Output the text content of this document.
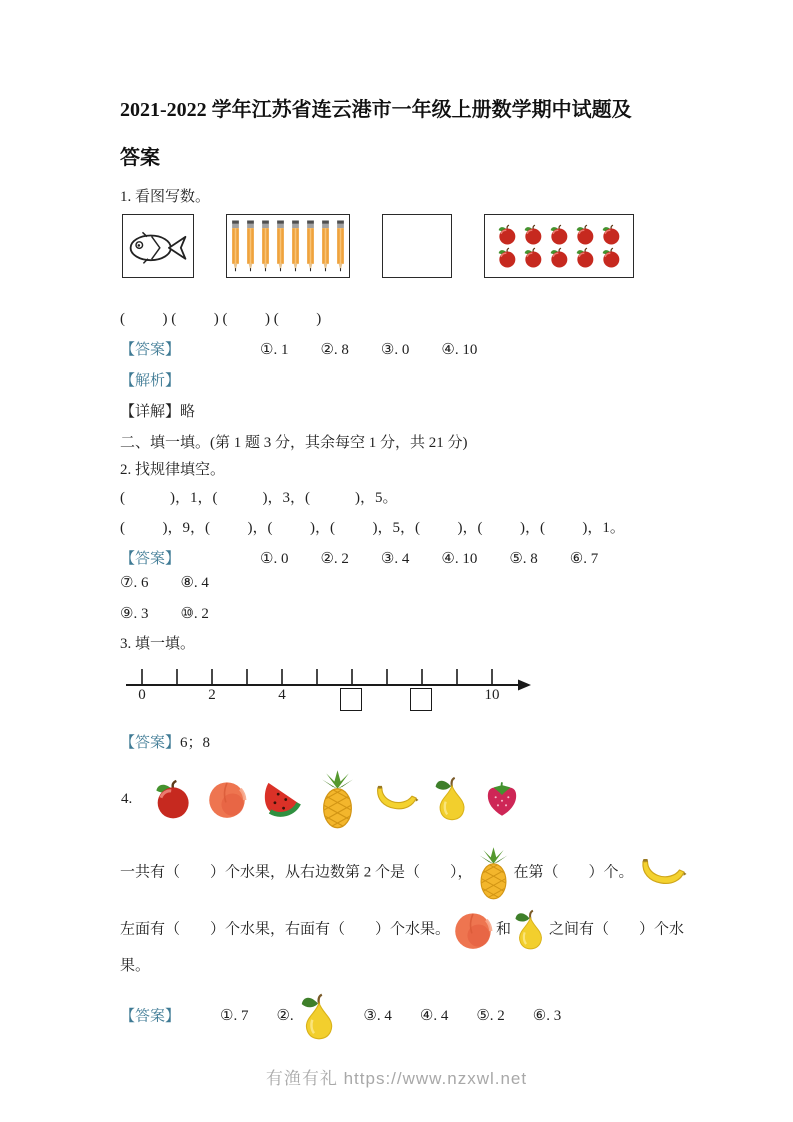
2021-2022 学年江苏省连云港市一年级上册数学期中试题及
答案

1. 看图写数。

(          ) (          ) (          ) (          )

【答案】	①. 1 ②. 8 ③. 0 ④. 10

【解析】

【详解】略

二、填一填。(第 1 题 3 分，其余每空 1 分，共 21 分)

2. 找规律填空。

(            )，1，(            )，3，(            )，5。

(          )，9，(          )，(          )，(          )，5，(          )，(          )，(          )，1。

【答案】	①. 0 ②. 2 ③. 4 ④. 10 ⑤. 8 ⑥. 7⑦. 6 ⑧. 4

⑨. 3 ⑩. 2

3. 填一填。

0	2	4	10

【答案】6；8

4.

一共有（　　）个水果，从右边数第 2 个是（　　），	在第（　　）个。

左面有（　　）个水果，右面有（　　）个水果。	和	之间有（　　）个水果。

【答案】	①. 7 ②.	③. 4 ④. 4 ⑤. 2 ⑥. 3

有渔有礼 https://www.nzxwl.net
